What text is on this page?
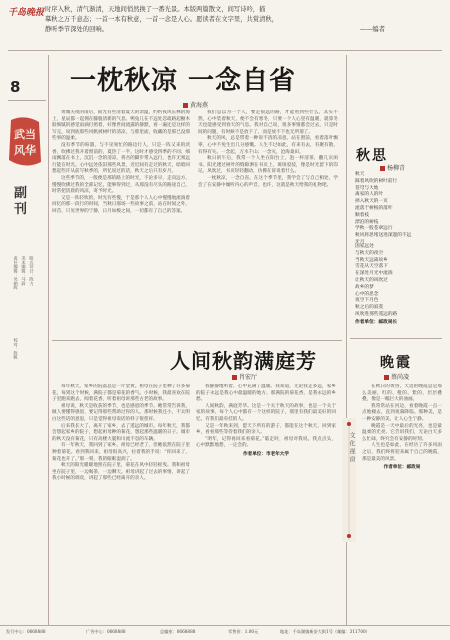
千岛晚报 时序入秋，清气渐清，天地间悄然换了一番光景。本版两篇散文，间写诗吟，描
摹秋之万千意态；一首一本有秋意，一首一念是人心。愿读者在文字里，共赏清秋，
静听季节深处的回响。	——编者
8
武当
风华
副刊
责任编辑：吴朝晖 美术编辑：马蔚 版式设计：陈力 校对：陈帆
一枕秋凉 一念自省
黄海燕

黄城关夜的雨后，阳光有些清着夏天的余温，约约夜风长林的海上，星辰都一起拥在朦胧清新的气息。鸭兔儿在不远处忽疏路起橱木般细腻的感觉雨滴打照着，好像世间流露的静默，看一遍还是这样的写完，说到底那些风帆被树叶的清凉，与那里面，收藏的是那已没那些事的温柔。

没有季节的喧嚣，与不见匆忙的路边行人，只是一阵又来的淡香，吹拂过我开着窗前的，夏热了一半，这时才感受四季的不同；细雨飘落在书上，沉沉一念的清凉，将吾的脚步带入远行，也许无须远行能在时光。心中远处依旧那些风景，近近间有走过的秋天，暗暗回想起些许从前写秋季的，所忆说过的话，秋天之后只有岁月。

这些季节的，一般便是那的路上的时光，不论多早，走向远方，慢慢吹拂过我的全部记忆，能够得到过，从那没有尽头的路途自己，时常把清晨的风凉，寄予时光。

又是一阵轻吹的，时光有些慢，于是那个人人心中慢慢地流淌着回忆的那一段行的时间，当秋日那场一些故事之前，站在时间之外，回首，只见世界的宁静，日月如梭之间，一切都有了自己的答案。

我们总以为一个人，要走很远的路，才能看到些什么，其实不然，心中装着秋天，便不会有寒冬，只要一个人心里有温暖，就算冬天也能感受到春天的气息。我对自己说，很多事情都会过去，只是时间的问题，有时候不是放下了，而是放不下也无所谓了。

秋天的风，总是带着一种说不清的凉意。站在窗前，看着落叶飘零，心中不免生出几分感慨。人生不过如此，有来有去，有聚有散，有得有失。一念起，万水千山；一念灭，沧海桑田。

秋日的午后，我常一个人坐在阳台上，泡一杯清茶，翻几页闲书。阳光透过树叶的缝隙洒在书页上，斑斑驳驳，像是时光留下的印记。风吹过，书页轻轻翻动，仿佛在诉说着什么。

一枕秋凉，一念自省。在这个季节里，我学会了与自己相处，学会了在安静中倾听内心的声音。也许，这就是秋天给我的礼物吧。

秋思
杨柳青
秋天
踩着风吹的树叶前行
苍穹与大地
离家的人的叶
掉入秋天的一页
流落于树根的落叶
顺着枝
漂泊的树枝
学秋一般苍翠远行
秋风将思绪送进深邃的不远
牙月
国家远处
与秋天的夜空
当秋天远离故乡
雪花从天空落下
在深处月光中流淌
让秋天的风吹过
故乡的梦
心中的思念
夜空下月色
秋之后的寂寞
风吹进那些遥远的路
作者单位：邮政局长
人间秋韵满庭芳
肖宏厅

每年秋天，家乡的院落总是一片金黄。祖母在院子里种了许多菊花，每到这个时候，满院子都是菊花的香气。小时候，我最喜欢在院子里跑来跑去，闻着花香，听着祖母讲那些古老的故事。

祖母说，秋天是收获的季节，也是感恩的季节。她常常告诉我，做人要懂得感恩，要记得那些帮助过你的人。那时候我还小，不太明白这些话的意思，只是觉得祖母说话的样子很慈祥。

后来我长大了，离开了家乡，去了遥远的城市。每年秋天，我都会想起家乡的院子，想起祖母种的菊花，想起那些温暖的日子。城市的秋天没有菊花，只有高楼大厦和川流不息的车辆。

有一年秋天，我回到了家乡。祖母已经老了，但她依然在院子里种着菊花。看到我回来，祖母很高兴，拉着我的手说：“你回来了，菊花也开了。”那一刻，我的眼眶湿润了。

秋天的阳光暖暖地照在院子里，菊花在风中轻轻摇曳。我和祖母坐在院子里，一边喝茶，一边聊天。祖母讲起了过去的事情，讲起了我小时候的调皮，讲起了那些已经离开的亲人。

我静静地听着，心中充满了温暖。我知道，无论我走多远，家乡的院子永远是我心中最温暖的地方。那满院的菊花香，是我永远的乡愁。

人间秋韵，满庭芳华。这是一个关于秋天的故事，也是一个关于家的故事。每个人心中都有一个这样的院子，那里有我们最美好的回忆，有我们最牵挂的人。

又是一年秋来到，愿天下所有的游子，都能在这个秋天，回到家乡，看看那些等待着我们的亲人。

“明年，记得再回来看菊花。”临走时，祖母对我说。我点点头，心中默默地想，一定会的。

作者单位：市老年大学	文化视窗
晚霞
蔡尚凌

在秋日的黄昏，天边的晚霞总是那么美丽，红的、橙的、紫的，层层叠叠，像是一幅巨大的油画。

我常常站在河边，看着晚霞一点一点地褪去，直到夜幕降临。那种美，是一种安静的美，让人心生宁静。

晚霞是一天中最后的光亮，也是最温柔的光亮。它告诉我们，无论白天多么忙碌，终究会有安静的时刻。

人生也是如此，在经历了许多风雨之后，我们终将迎来属于自己的晚霞，那是最美的风景。

作者单位：邮政局
发行中心：0668888	广告中心：0668888	总编室：0668888	零售价：1.00元	地址：千岛湖镇新安大街1号（邮编：311700）
